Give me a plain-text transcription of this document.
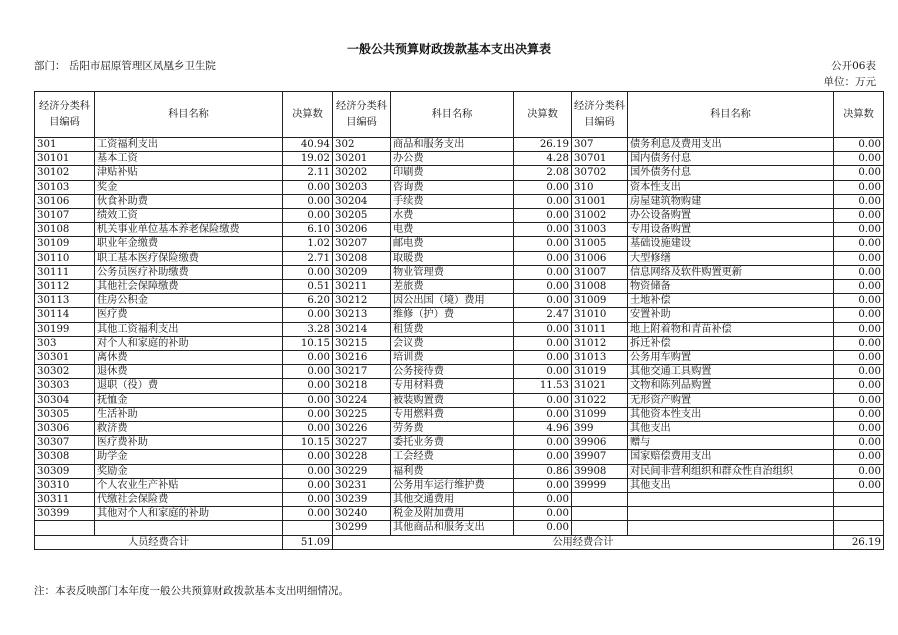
一般公共预算财政拨款基本支出决算表
部门： 岳阳市屈原管理区凤凰乡卫生院	公开06表
单位：万元
经济分类科目编码	科目名称	决算数	经济分类科目编码	科目名称	决算数	经济分类科目编码	科目名称	决算数
301	工资福利支出	40.94	302	商品和服务支出	26.19	307	债务利息及费用支出	0.00
30101	基本工资	19.02	30201	办公费	4.28	30701	国内债务付息	0.00
30102	津贴补贴	2.11	30202	印刷费	2.08	30702	国外债务付息	0.00
30103	奖金	0.00	30203	咨询费	0.00	310	资本性支出	0.00
30106	伙食补助费	0.00	30204	手续费	0.00	31001	房屋建筑物购建	0.00
30107	绩效工资	0.00	30205	水费	0.00	31002	办公设备购置	0.00
30108	机关事业单位基本养老保险缴费	6.10	30206	电费	0.00	31003	专用设备购置	0.00
30109	职业年金缴费	1.02	30207	邮电费	0.00	31005	基础设施建设	0.00
30110	职工基本医疗保险缴费	2.71	30208	取暖费	0.00	31006	大型修缮	0.00
30111	公务员医疗补助缴费	0.00	30209	物业管理费	0.00	31007	信息网络及软件购置更新	0.00
30112	其他社会保障缴费	0.51	30211	差旅费	0.00	31008	物资储备	0.00
30113	住房公积金	6.20	30212	因公出国（境）费用	0.00	31009	土地补偿	0.00
30114	医疗费	0.00	30213	维修（护）费	2.47	31010	安置补助	0.00
30199	其他工资福利支出	3.28	30214	租赁费	0.00	31011	地上附着物和青苗补偿	0.00
303	对个人和家庭的补助	10.15	30215	会议费	0.00	31012	拆迁补偿	0.00
30301	离休费	0.00	30216	培训费	0.00	31013	公务用车购置	0.00
30302	退休费	0.00	30217	公务接待费	0.00	31019	其他交通工具购置	0.00
30303	退职（役）费	0.00	30218	专用材料费	11.53	31021	文物和陈列品购置	0.00
30304	抚恤金	0.00	30224	被装购置费	0.00	31022	无形资产购置	0.00
30305	生活补助	0.00	30225	专用燃料费	0.00	31099	其他资本性支出	0.00
30306	救济费	0.00	30226	劳务费	4.96	399	其他支出	0.00
30307	医疗费补助	10.15	30227	委托业务费	0.00	39906	赠与	0.00
30308	助学金	0.00	30228	工会经费	0.00	39907	国家赔偿费用支出	0.00
30309	奖励金	0.00	30229	福利费	0.86	39908	对民间非营利组织和群众性自治组织	0.00
30310	个人农业生产补贴	0.00	30231	公务用车运行维护费	0.00	39999	其他支出	0.00
30311	代缴社会保险费	0.00	30239	其他交通费用	0.00			
30399	其他对个人和家庭的补助	0.00	30240	税金及附加费用	0.00			
			30299	其他商品和服务支出	0.00			
人员经费合计		51.09	公用经费合计					26.19
注：本表反映部门本年度一般公共预算财政拨款基本支出明细情况。
